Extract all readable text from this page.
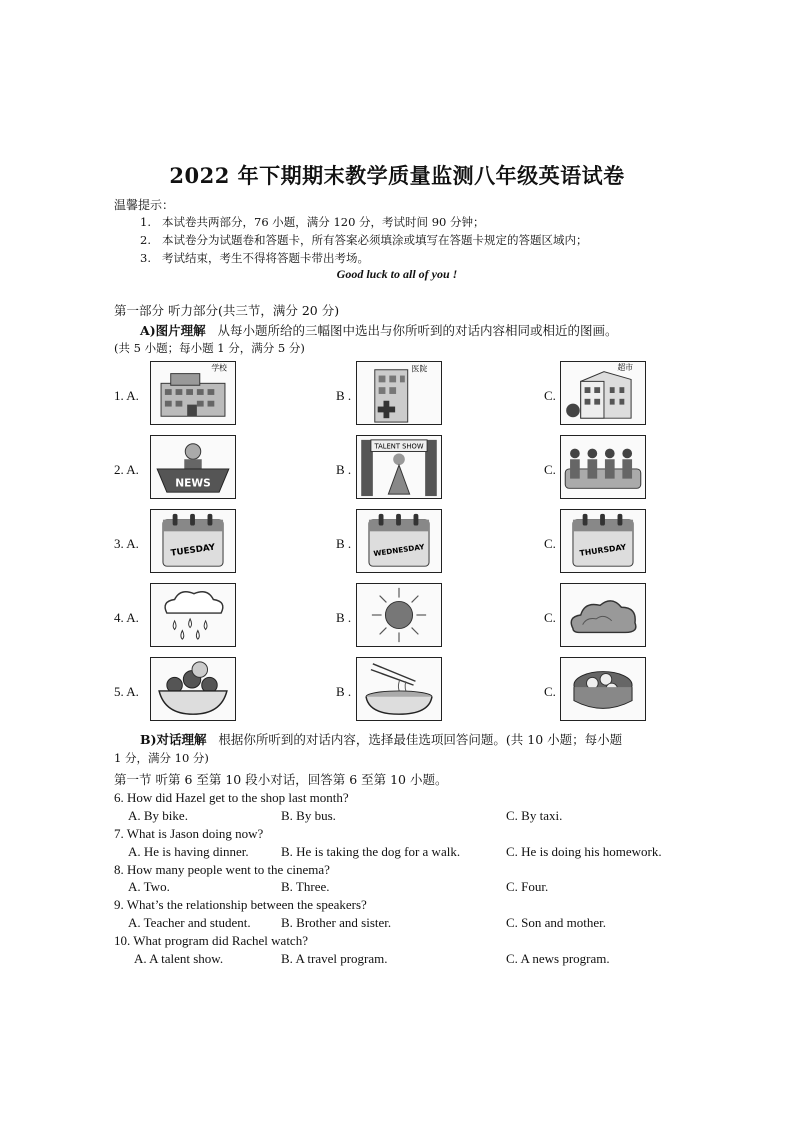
2022 年下期期末教学质量监测八年级英语试卷
温馨提示：
1. 本试卷共两部分，76 小题，满分 120 分，考试时间 90 分钟；
2. 本试卷分为试题卷和答题卡，所有答案必须填涂或填写在答题卡规定的答题区域内；
3. 考试结束，考生不得将答题卡带出考场。
Good luck to all of you !
第一部分 听力部分(共三节，满分 20 分)
A)图片理解 从每小题所给的三幅图中选出与你所听到的对话内容相同或相近的图画。
(共 5 小题；每小题 1 分，满分 5 分)
1. A.	B .	C.
学校	医院	超市
2. A.	B .	C.
NEWS
TALENT SHOW
3. A.	B .	C.
TUESDAY	WEDNESDAY	THURSDAY
4. A.	B .	C.
5. A.	B .	C.
B)对话理解 根据你所听到的对话内容，选择最佳选项回答问题。(共 10 小题；每小题
1 分，满分 10 分)
第一节 听第 6 至第 10 段小对话，回答第 6 至第 10 小题。
6. How did Hazel get to the shop last month?
A. By bike.	B. By bus.	C. By taxi.
7. What is Jason doing now?
A. He is having dinner. B. He is taking the dog for a walk.	C. He is doing his homework.
8. How many people went to the cinema?
A. Two.	B. Three.	C. Four.
9. What’s the relationship between the speakers?
A. Teacher and student. B. Brother and sister.	C. Son and mother.
10. What program did Rachel watch?
A. A talent show.	B. A travel program.	C. A news program.
